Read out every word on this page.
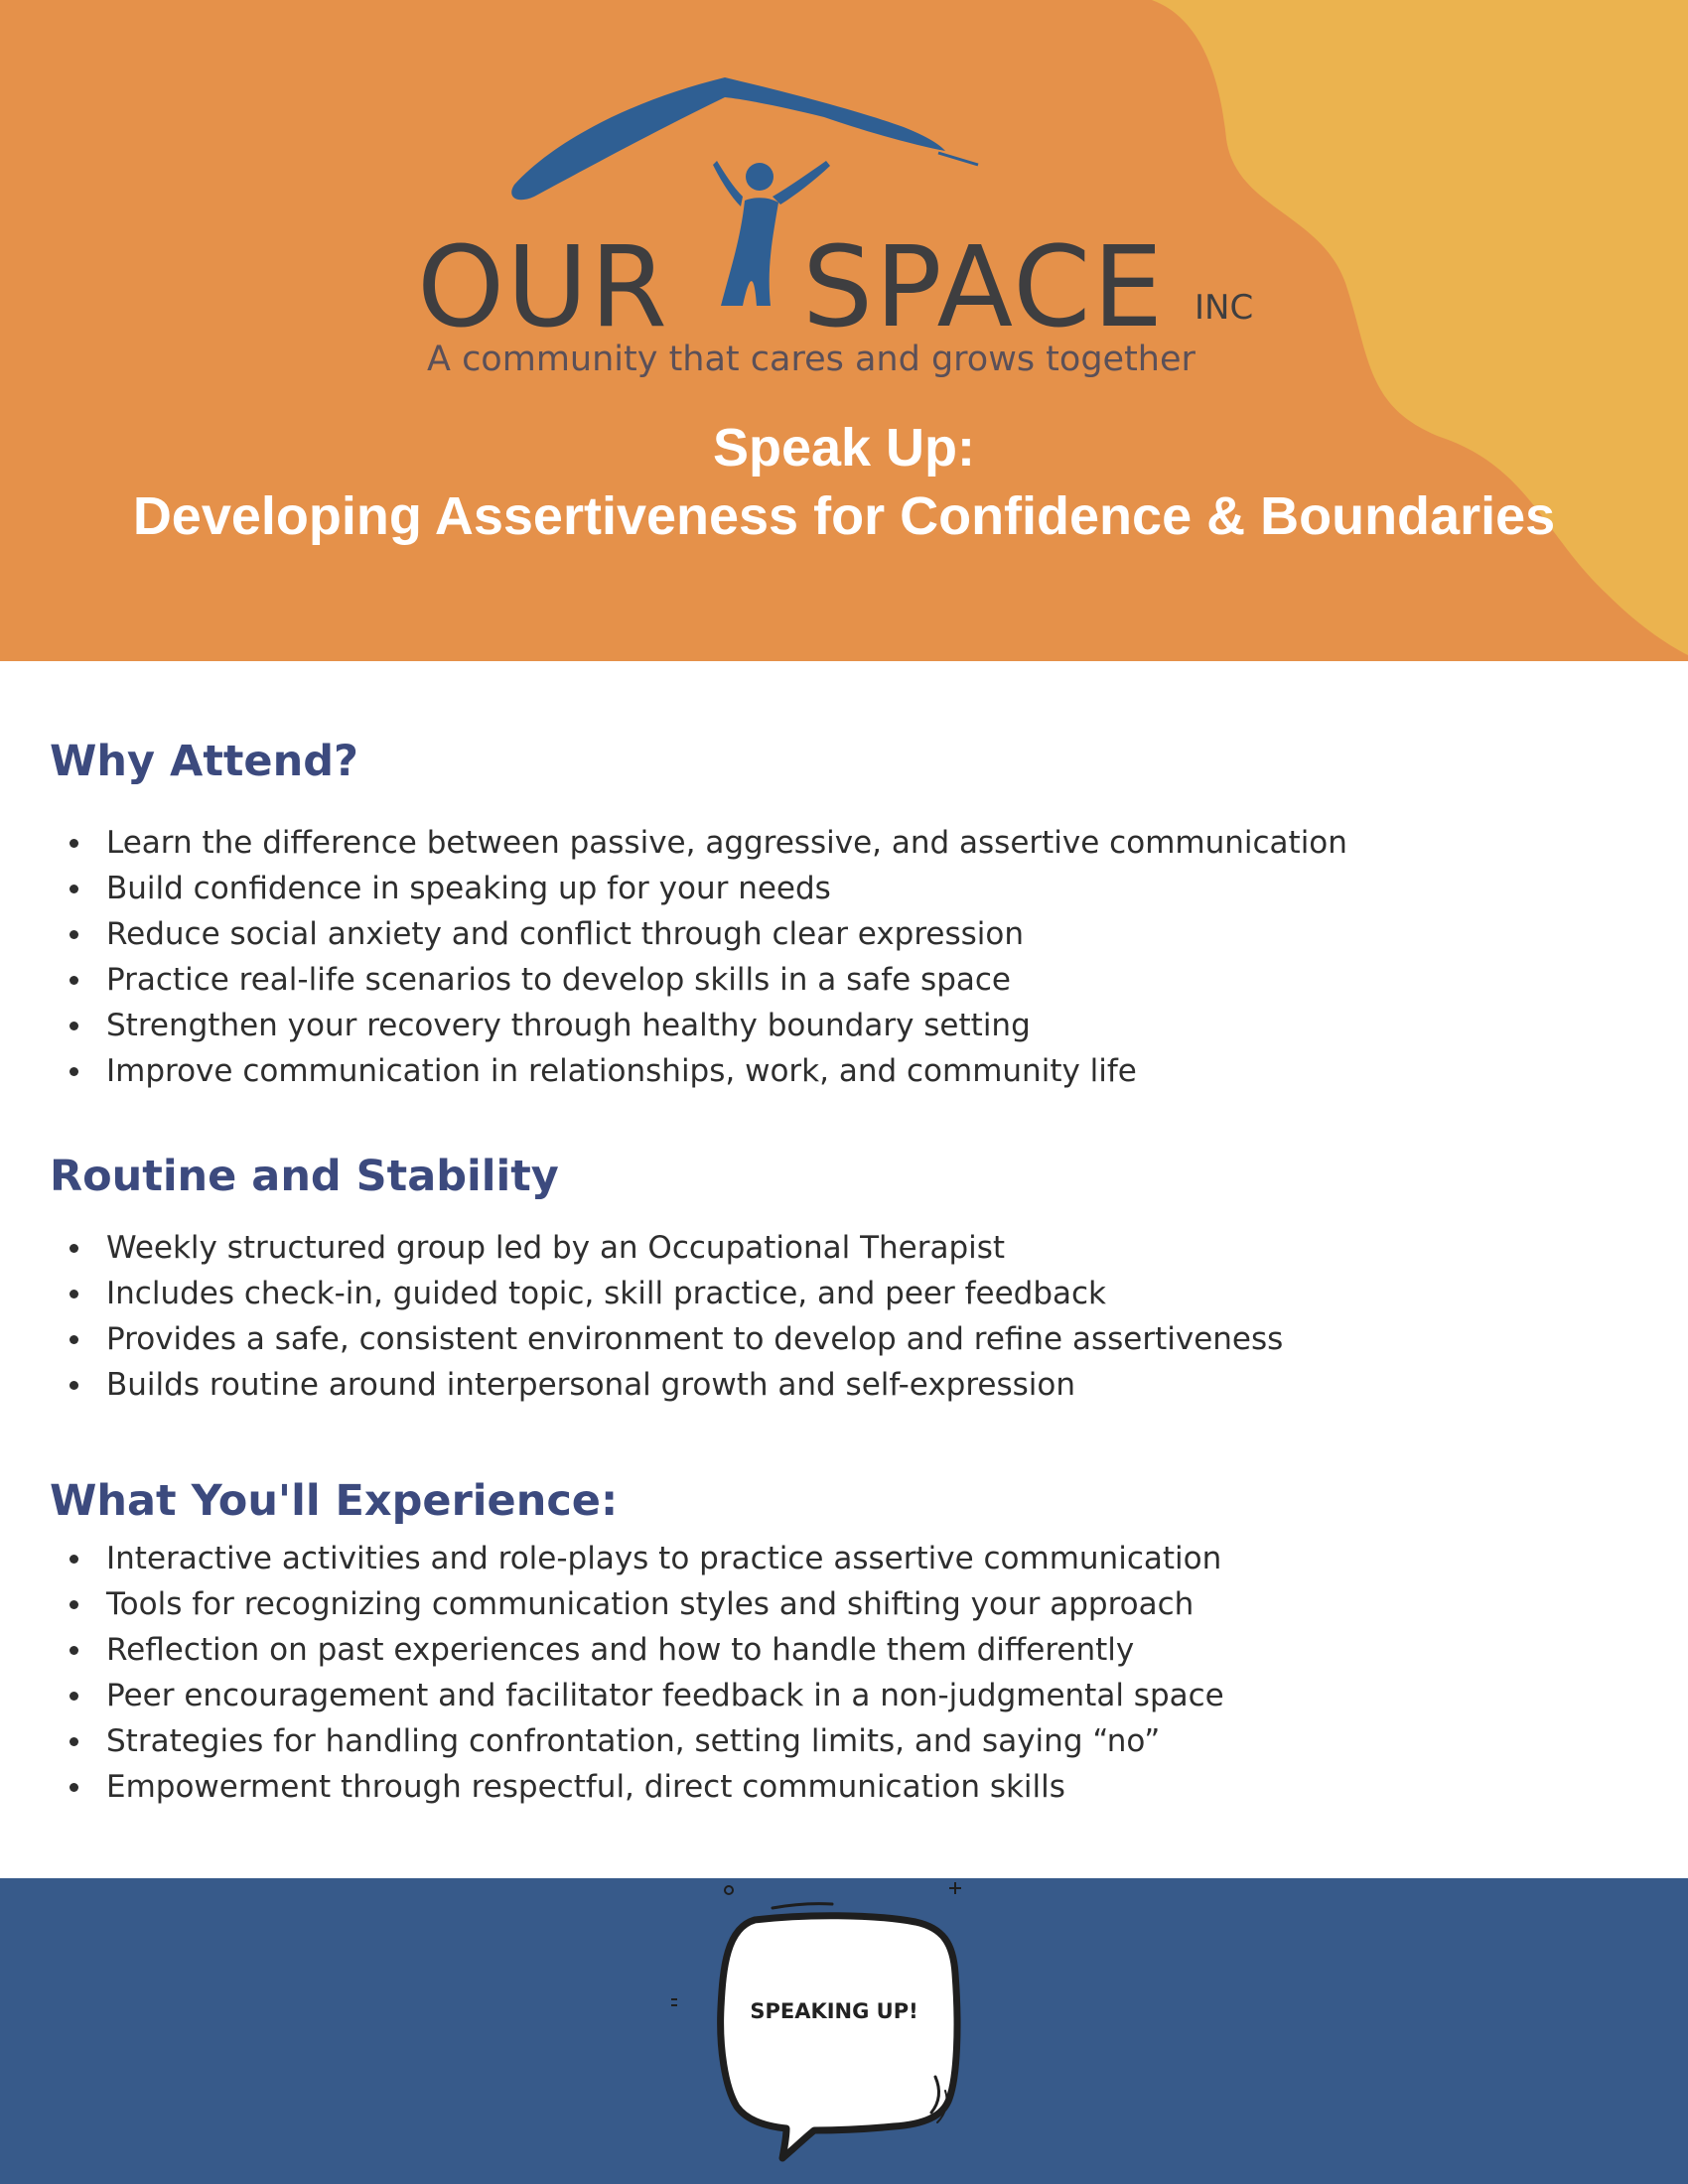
OUR SPACE INC
A community that cares and grows together
Speak Up:
Developing Assertiveness for Confidence & Boundaries
Why Attend?
Learn the difference between passive, aggressive, and assertive communication
Build confidence in speaking up for your needs
Reduce social anxiety and conflict through clear expression
Practice real-life scenarios to develop skills in a safe space
Strengthen your recovery through healthy boundary setting
Improve communication in relationships, work, and community life
Routine and Stability
Weekly structured group led by an Occupational Therapist
Includes check-in, guided topic, skill practice, and peer feedback
Provides a safe, consistent environment to develop and refine assertiveness
Builds routine around interpersonal growth and self-expression
What You'll Experience:
Interactive activities and role-plays to practice assertive communication
Tools for recognizing communication styles and shifting your approach
Reflection on past experiences and how to handle them differently
Peer encouragement and facilitator feedback in a non-judgmental space
Strategies for handling confrontation, setting limits, and saying “no”
Empowerment through respectful, direct communication skills
SPEAKING UP!
